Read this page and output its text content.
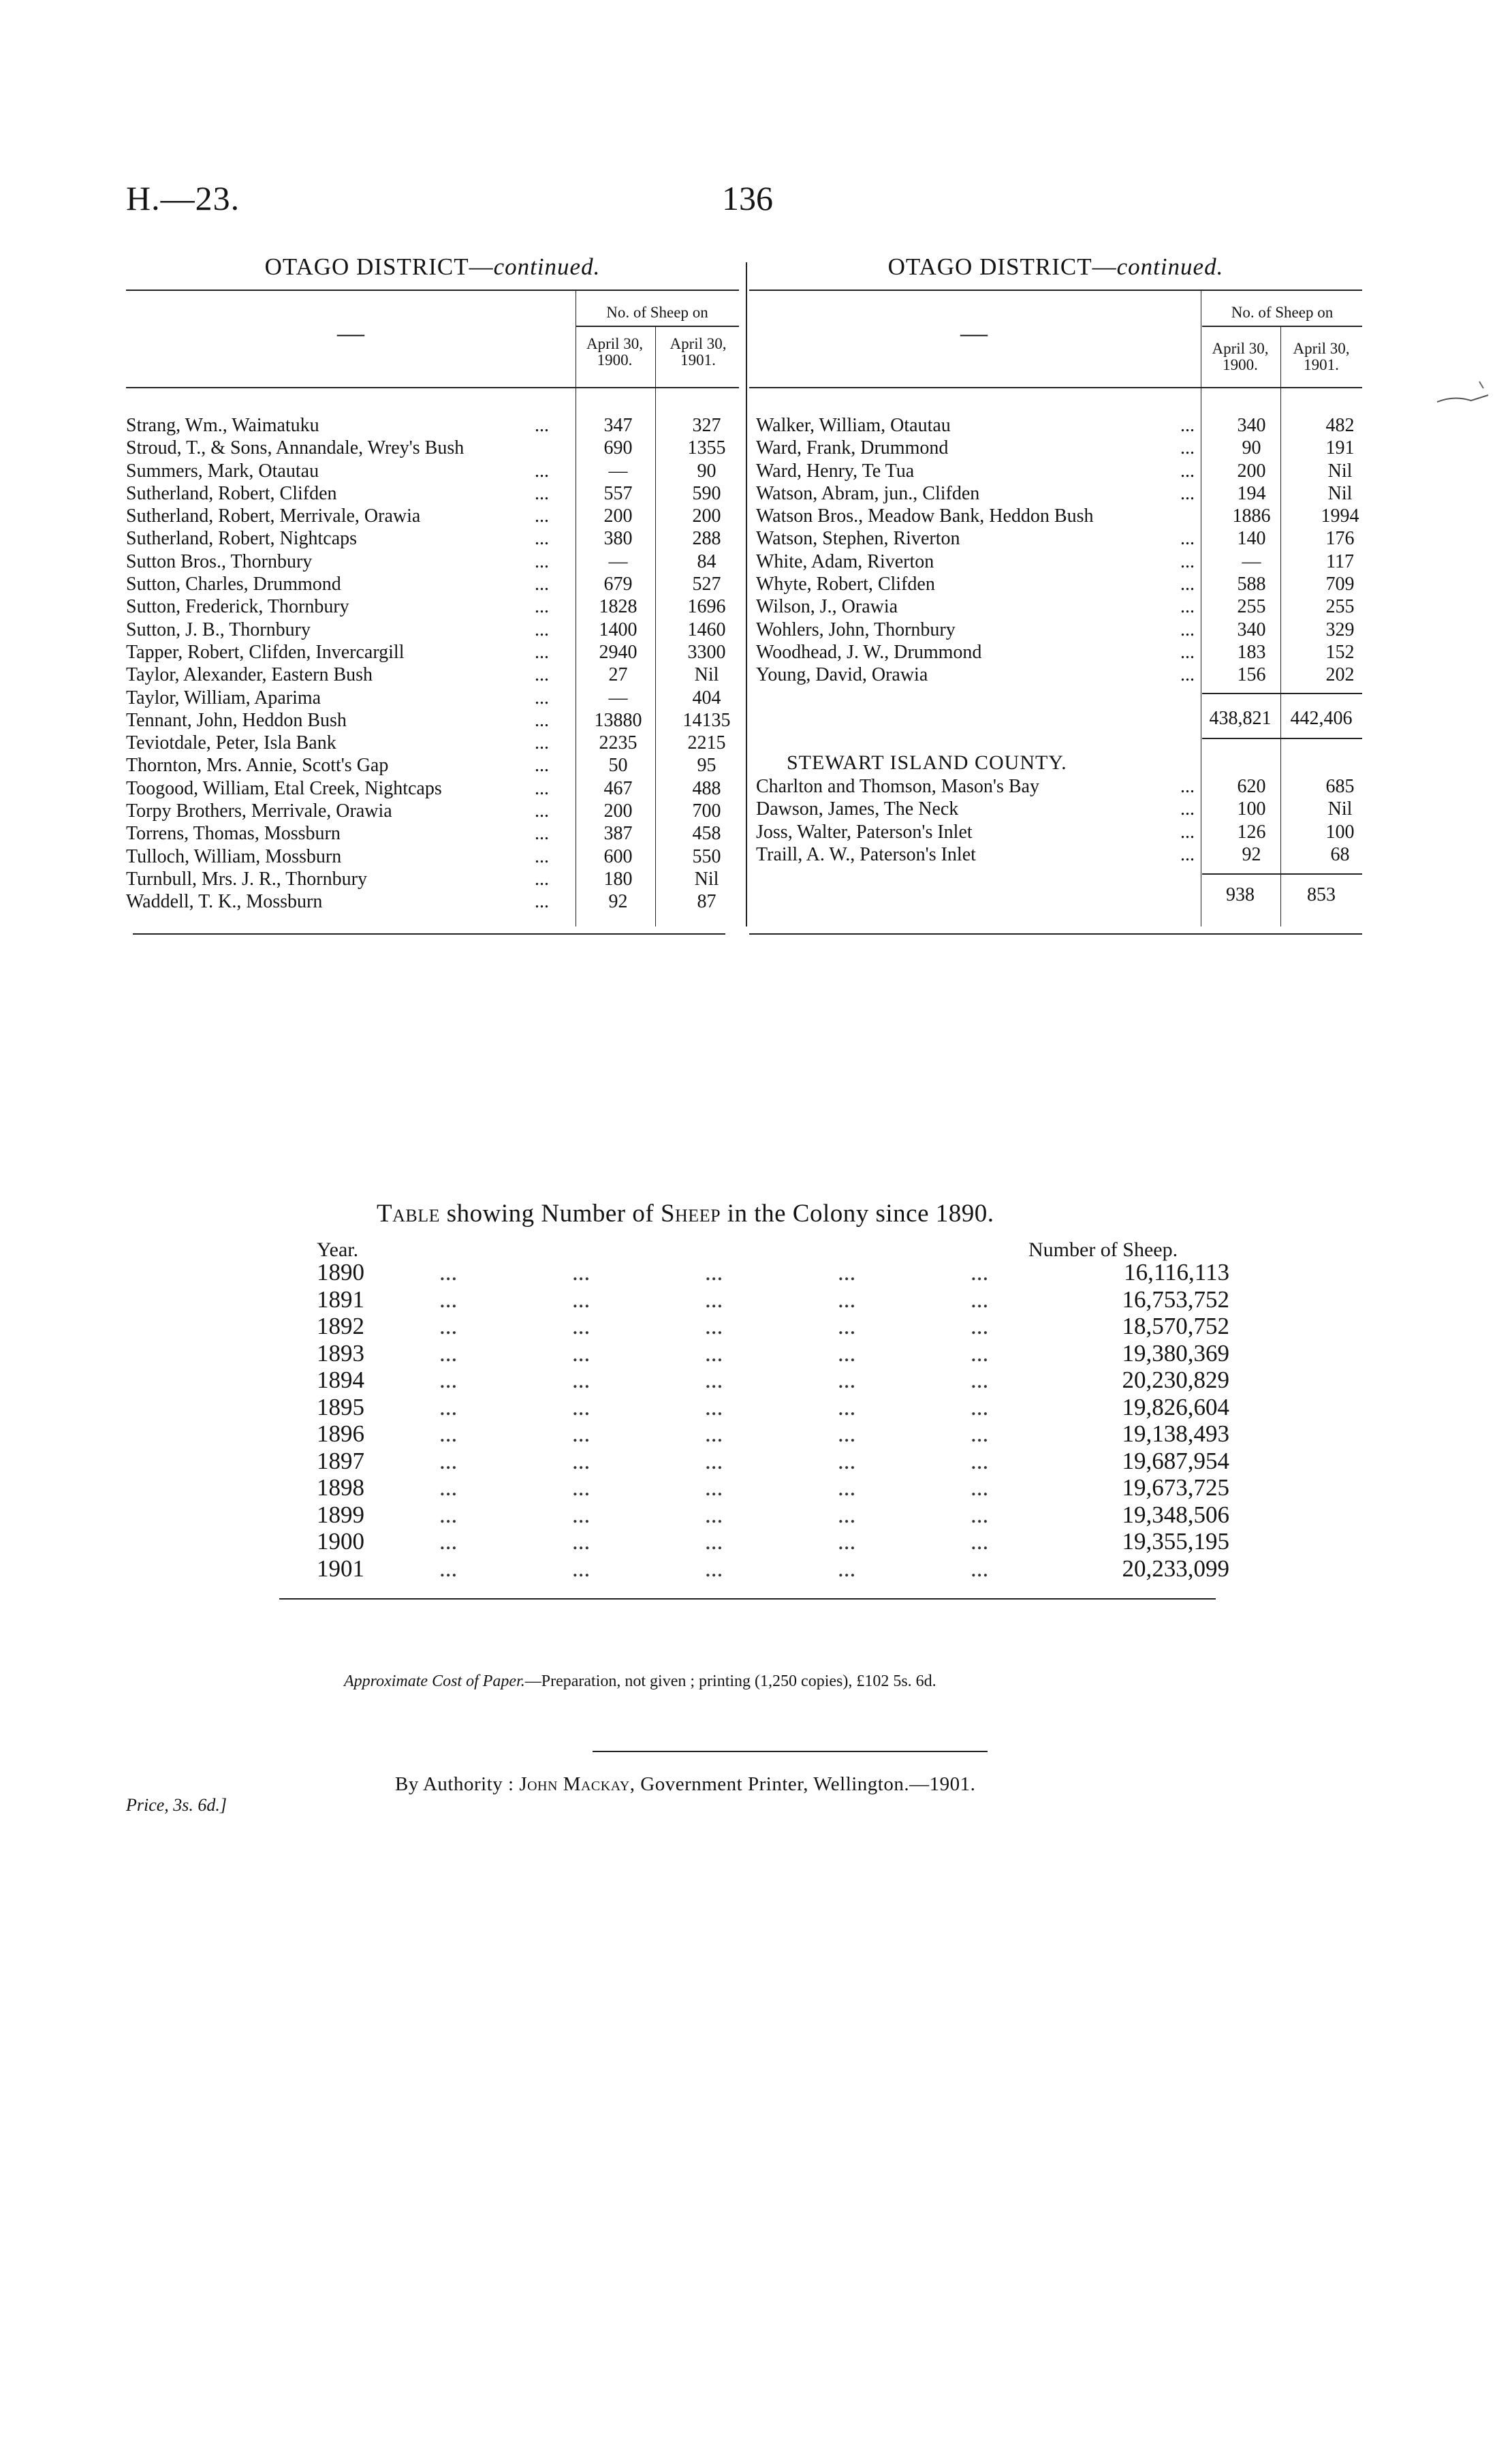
H.—23.	136
OTAGO DISTRICT—continued.
—
No. of Sheep on
April 30, 1900.
April 30, 1901.
Strang, Wm., Waimatuku	...	347	327
Stroud, T., & Sons, Annandale, Wrey's Bush	690	1355
Summers, Mark, Otautau	...	—	90
Sutherland, Robert, Clifden	...	557	590
Sutherland, Robert, Merrivale, Orawia	...	200	200
Sutherland, Robert, Nightcaps	...	380	288
Sutton Bros., Thornbury	...	—	84
Sutton, Charles, Drummond	...	679	527
Sutton, Frederick, Thornbury	...	1828	1696
Sutton, J. B., Thornbury	...	1400	1460
Tapper, Robert, Clifden, Invercargill	...	2940	3300
Taylor, Alexander, Eastern Bush	...	27	Nil
Taylor, William, Aparima	...	—	404
Tennant, John, Heddon Bush	...	13880	14135
Teviotdale, Peter, Isla Bank	...	2235	2215
Thornton, Mrs. Annie, Scott's Gap	...	50	95
Toogood, William, Etal Creek, Nightcaps	...	467	488
Torpy Brothers, Merrivale, Orawia	...	200	700
Torrens, Thomas, Mossburn	...	387	458
Tulloch, William, Mossburn	...	600	550
Turnbull, Mrs. J. R., Thornbury	...	180	Nil
Waddell, T. K., Mossburn	...	92	87
OTAGO DISTRICT—continued.
—
No. of Sheep on
April 30, 1900.
April 30, 1901.
Walker, William, Otautau	...	340	482
Ward, Frank, Drummond	...	90	191
Ward, Henry, Te Tua	...	200	Nil
Watson, Abram, jun., Clifden	...	194	Nil
Watson Bros., Meadow Bank, Heddon Bush	1886	1994
Watson, Stephen, Riverton	...	140	176
White, Adam, Riverton	...	—	117
Whyte, Robert, Clifden	...	588	709
Wilson, J., Orawia	...	255	255
Wohlers, John, Thornbury	...	340	329
Woodhead, J. W., Drummond	...	183	152
Young, David, Orawia	...	156	202
438,821	442,406
STEWART ISLAND COUNTY.
Charlton and Thomson, Mason's Bay	...	620	685
Dawson, James, The Neck	...	100	Nil
Joss, Walter, Paterson's Inlet	...	126	100
Traill, A. W., Paterson's Inlet	...	92	68
938	853
Table showing Number of Sheep in the Colony since 1890.
Year.	Number of Sheep.
1890	...	...	...	...	...	16,116,113
1891	...	...	...	...	...	16,753,752
1892	...	...	...	...	...	18,570,752
1893	...	...	...	...	...	19,380,369
1894	...	...	...	...	...	20,230,829
1895	...	...	...	...	...	19,826,604
1896	...	...	...	...	...	19,138,493
1897	...	...	...	...	...	19,687,954
1898	...	...	...	...	...	19,673,725
1899	...	...	...	...	...	19,348,506
1900	...	...	...	...	...	19,355,195
1901	...	...	...	...	...	20,233,099
Approximate Cost of Paper.—Preparation, not given ; printing (1,250 copies), £102 5s. 6d.
By Authority : John Mackay, Government Printer, Wellington.—1901.
Price, 3s. 6d.]
